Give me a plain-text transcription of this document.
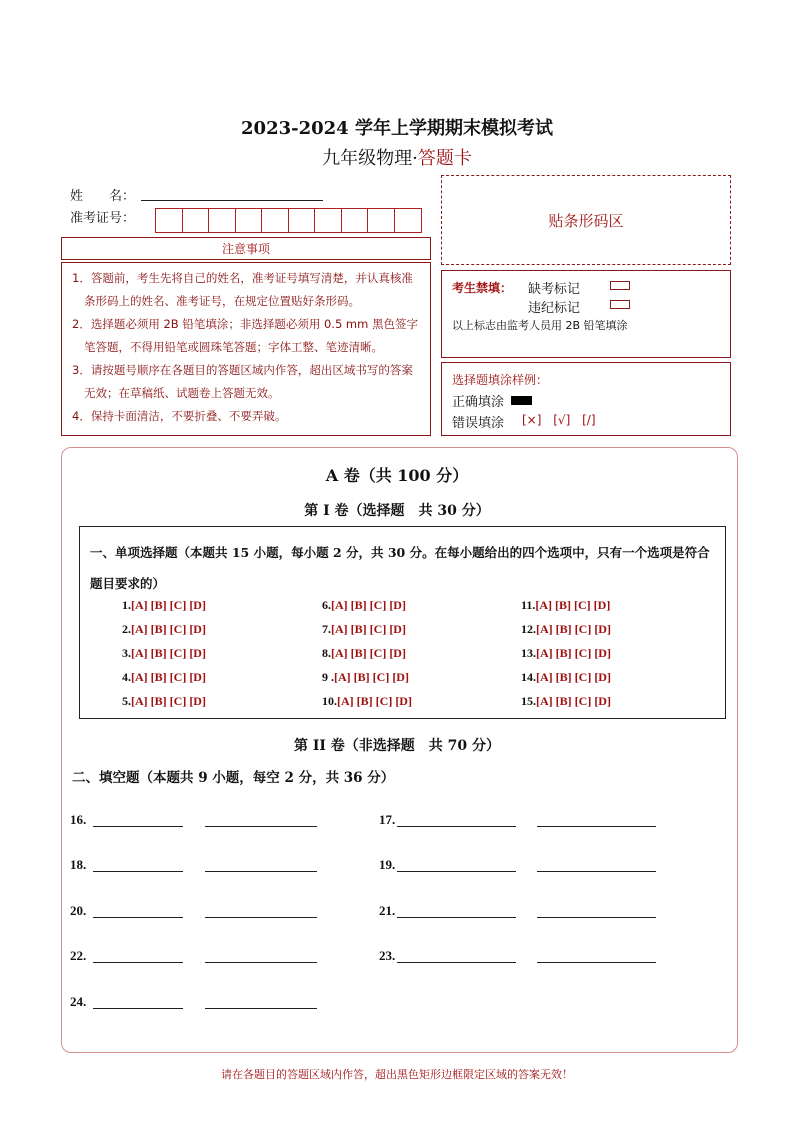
2023-2024 学年上学期期末模拟考试
九年级物理·答题卡
姓　　名：
准考证号：	贴条形码区
注意事项

1．答题前，考生先将自己的姓名，准考证号填写清楚，并认真核准条形码上的姓名、准考证号，在规定位置贴好条形码。

2．选择题必须用 2B 铅笔填涂；非选择题必须用 0.5 mm 黑色签字笔答题，不得用铅笔或圆珠笔答题；字体工整、笔迹清晰。

3．请按题号顺序在各题目的答题区域内作答，超出区域书写的答案无效；在草稿纸、试题卷上答题无效。

4．保持卡面清洁，不要折叠、不要弄破。

考生禁填： 缺考标记
违纪标记
以上标志由监考人员用 2B 铅笔填涂
选择题填涂样例：
正确填涂
错误填涂 [×] [√] [/]
A 卷（共 100 分）
第 I 卷（选择题　共 30 分）
一、单项选择题（本题共 15 小题，每小题 2 分，共 30 分。在每小题给出的四个选项中，只有一个选项是符合题目要求的）
1.[A] [B] [C] [D]
2.[A] [B] [C] [D]
3.[A] [B] [C] [D]
4.[A] [B] [C] [D]
5.[A] [B] [C] [D]
6.[A] [B] [C] [D]
7.[A] [B] [C] [D]
8.[A] [B] [C] [D]
9 .[A] [B] [C] [D]
10.[A] [B] [C] [D]
11.[A] [B] [C] [D]
12.[A] [B] [C] [D]
13.[A] [B] [C] [D]
14.[A] [B] [C] [D]
15.[A] [B] [C] [D]
第 II 卷（非选择题　共 70 分）
二、填空题（本题共 9 小题，每空 2 分，共 36 分）
16.	17.
18.	19.
20.	21.
22.	23.
24.
请在各题目的答题区域内作答，超出黑色矩形边框限定区域的答案无效！
